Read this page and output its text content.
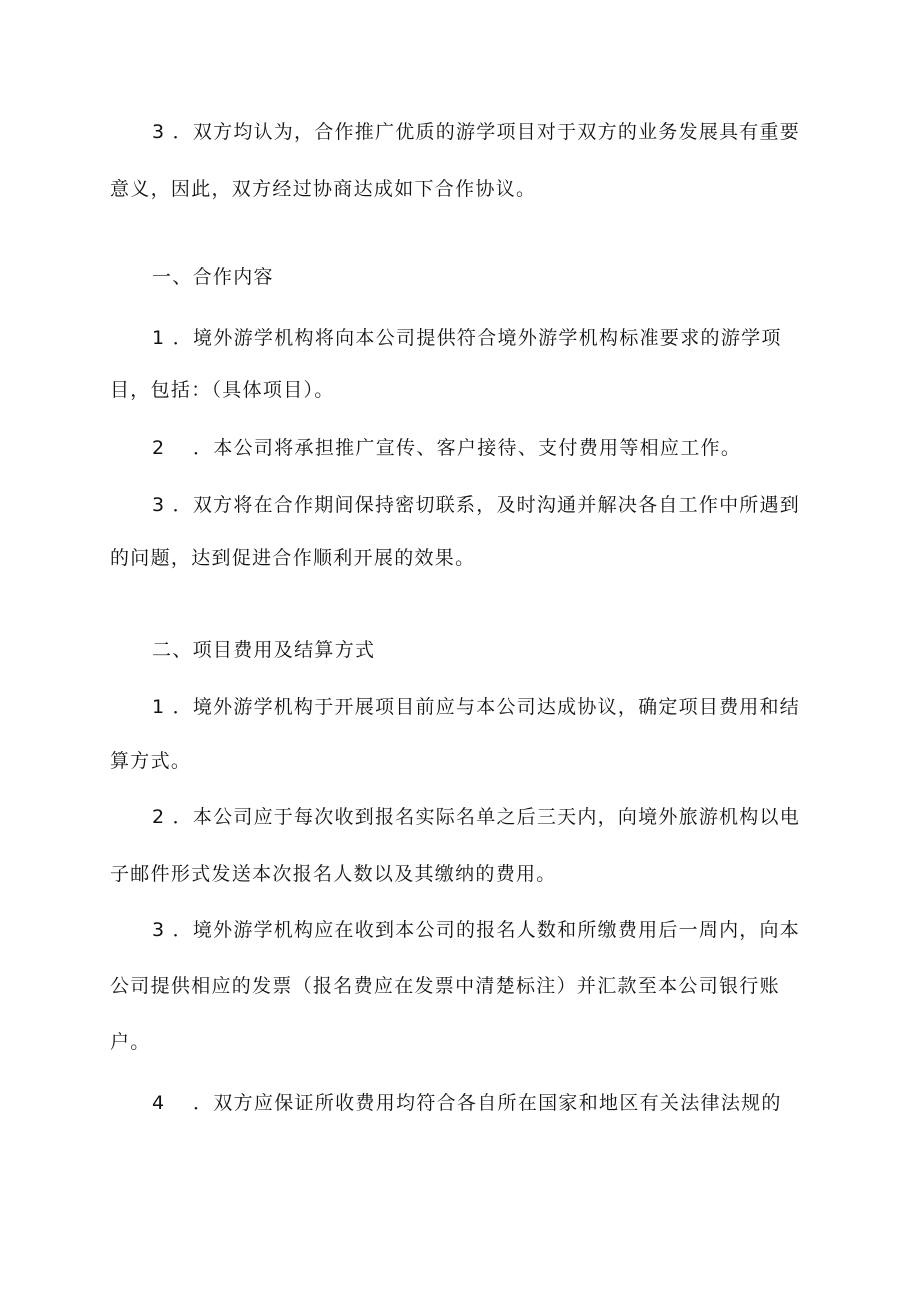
3 ．双方均认为，合作推广优质的游学项目对于双方的业务发展具有重要
意义，因此，双方经过协商达成如下合作协议。
一、合作内容
1 ．境外游学机构将向本公司提供符合境外游学机构标准要求的游学项
目，包括：（具体项目）。
2 　．本公司将承担推广宣传、客户接待、支付费用等相应工作。
3 ．双方将在合作期间保持密切联系，及时沟通并解决各自工作中所遇到
的问题，达到促进合作顺利开展的效果。
二、项目费用及结算方式
1 ．境外游学机构于开展项目前应与本公司达成协议，确定项目费用和结
算方式。
2 ．本公司应于每次收到报名实际名单之后三天内，向境外旅游机构以电
子邮件形式发送本次报名人数以及其缴纳的费用。
3 ．境外游学机构应在收到本公司的报名人数和所缴费用后一周内，向本
公司提供相应的发票（报名费应在发票中清楚标注）并汇款至本公司银行账
户。
4 　．双方应保证所收费用均符合各自所在国家和地区有关法律法规的
